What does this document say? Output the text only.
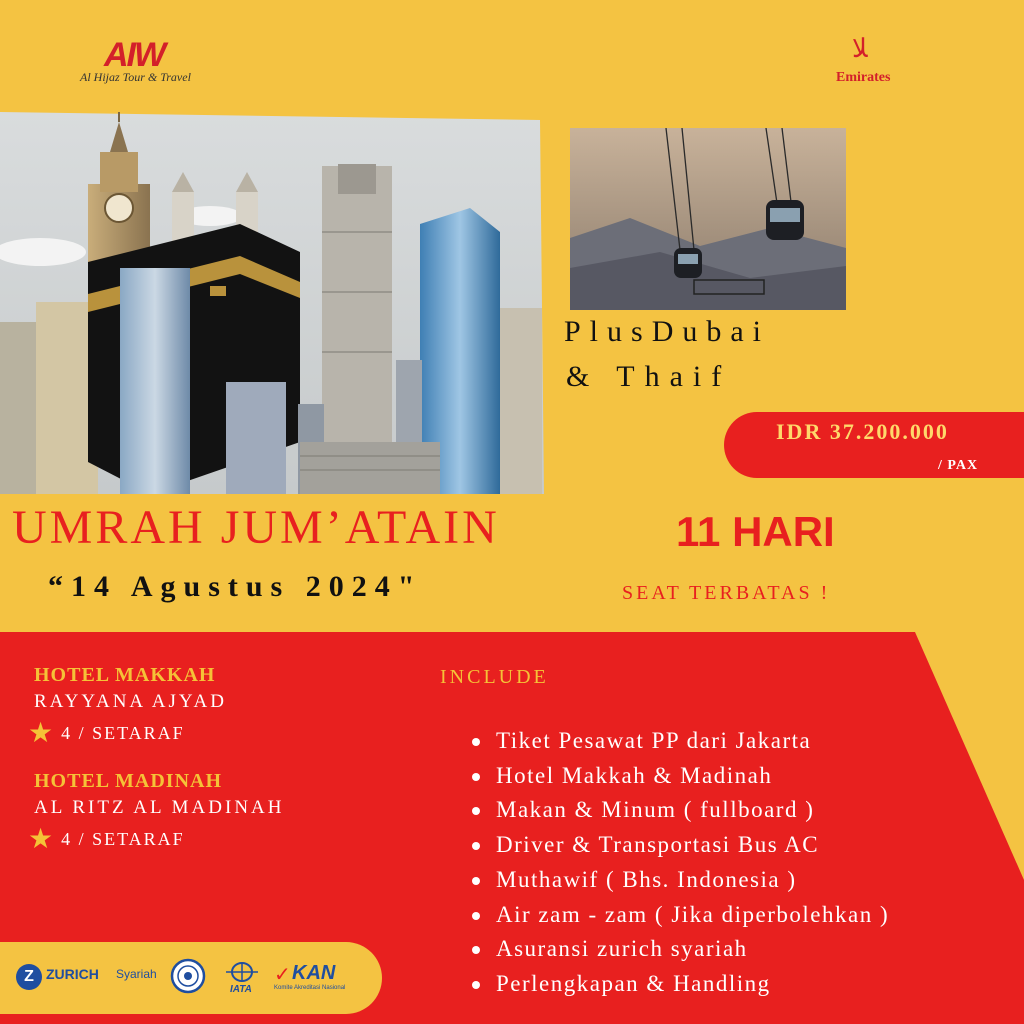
AIW
Al Hijaz Tour & Travel
ﻼ
Emirates
PlusDubai
& Thaif
IDR 37.200.000
/ PAX
UMRAH JUM’ATAIN	11 HARI
“14 Agustus 2024"	SEAT TERBATAS !
HOTEL MAKKAH
RAYYANA AJYAD
★ 4 / SETARAF
HOTEL MADINAH
AL RITZ AL MADINAH
★ 4 / SETARAF
INCLUDE
Tiket Pesawat PP dari Jakarta
Hotel Makkah & Madinah
Makan & Minum ( fullboard )
Driver & Transportasi Bus AC
Muthawif ( Bhs. Indonesia )
Air zam - zam ( Jika diperbolehkan )
Asuransi zurich syariah
Perlengkapan & Handling
Z ZURICH Syariah
IATA
✓ KAN
Komite Akreditasi Nasional
